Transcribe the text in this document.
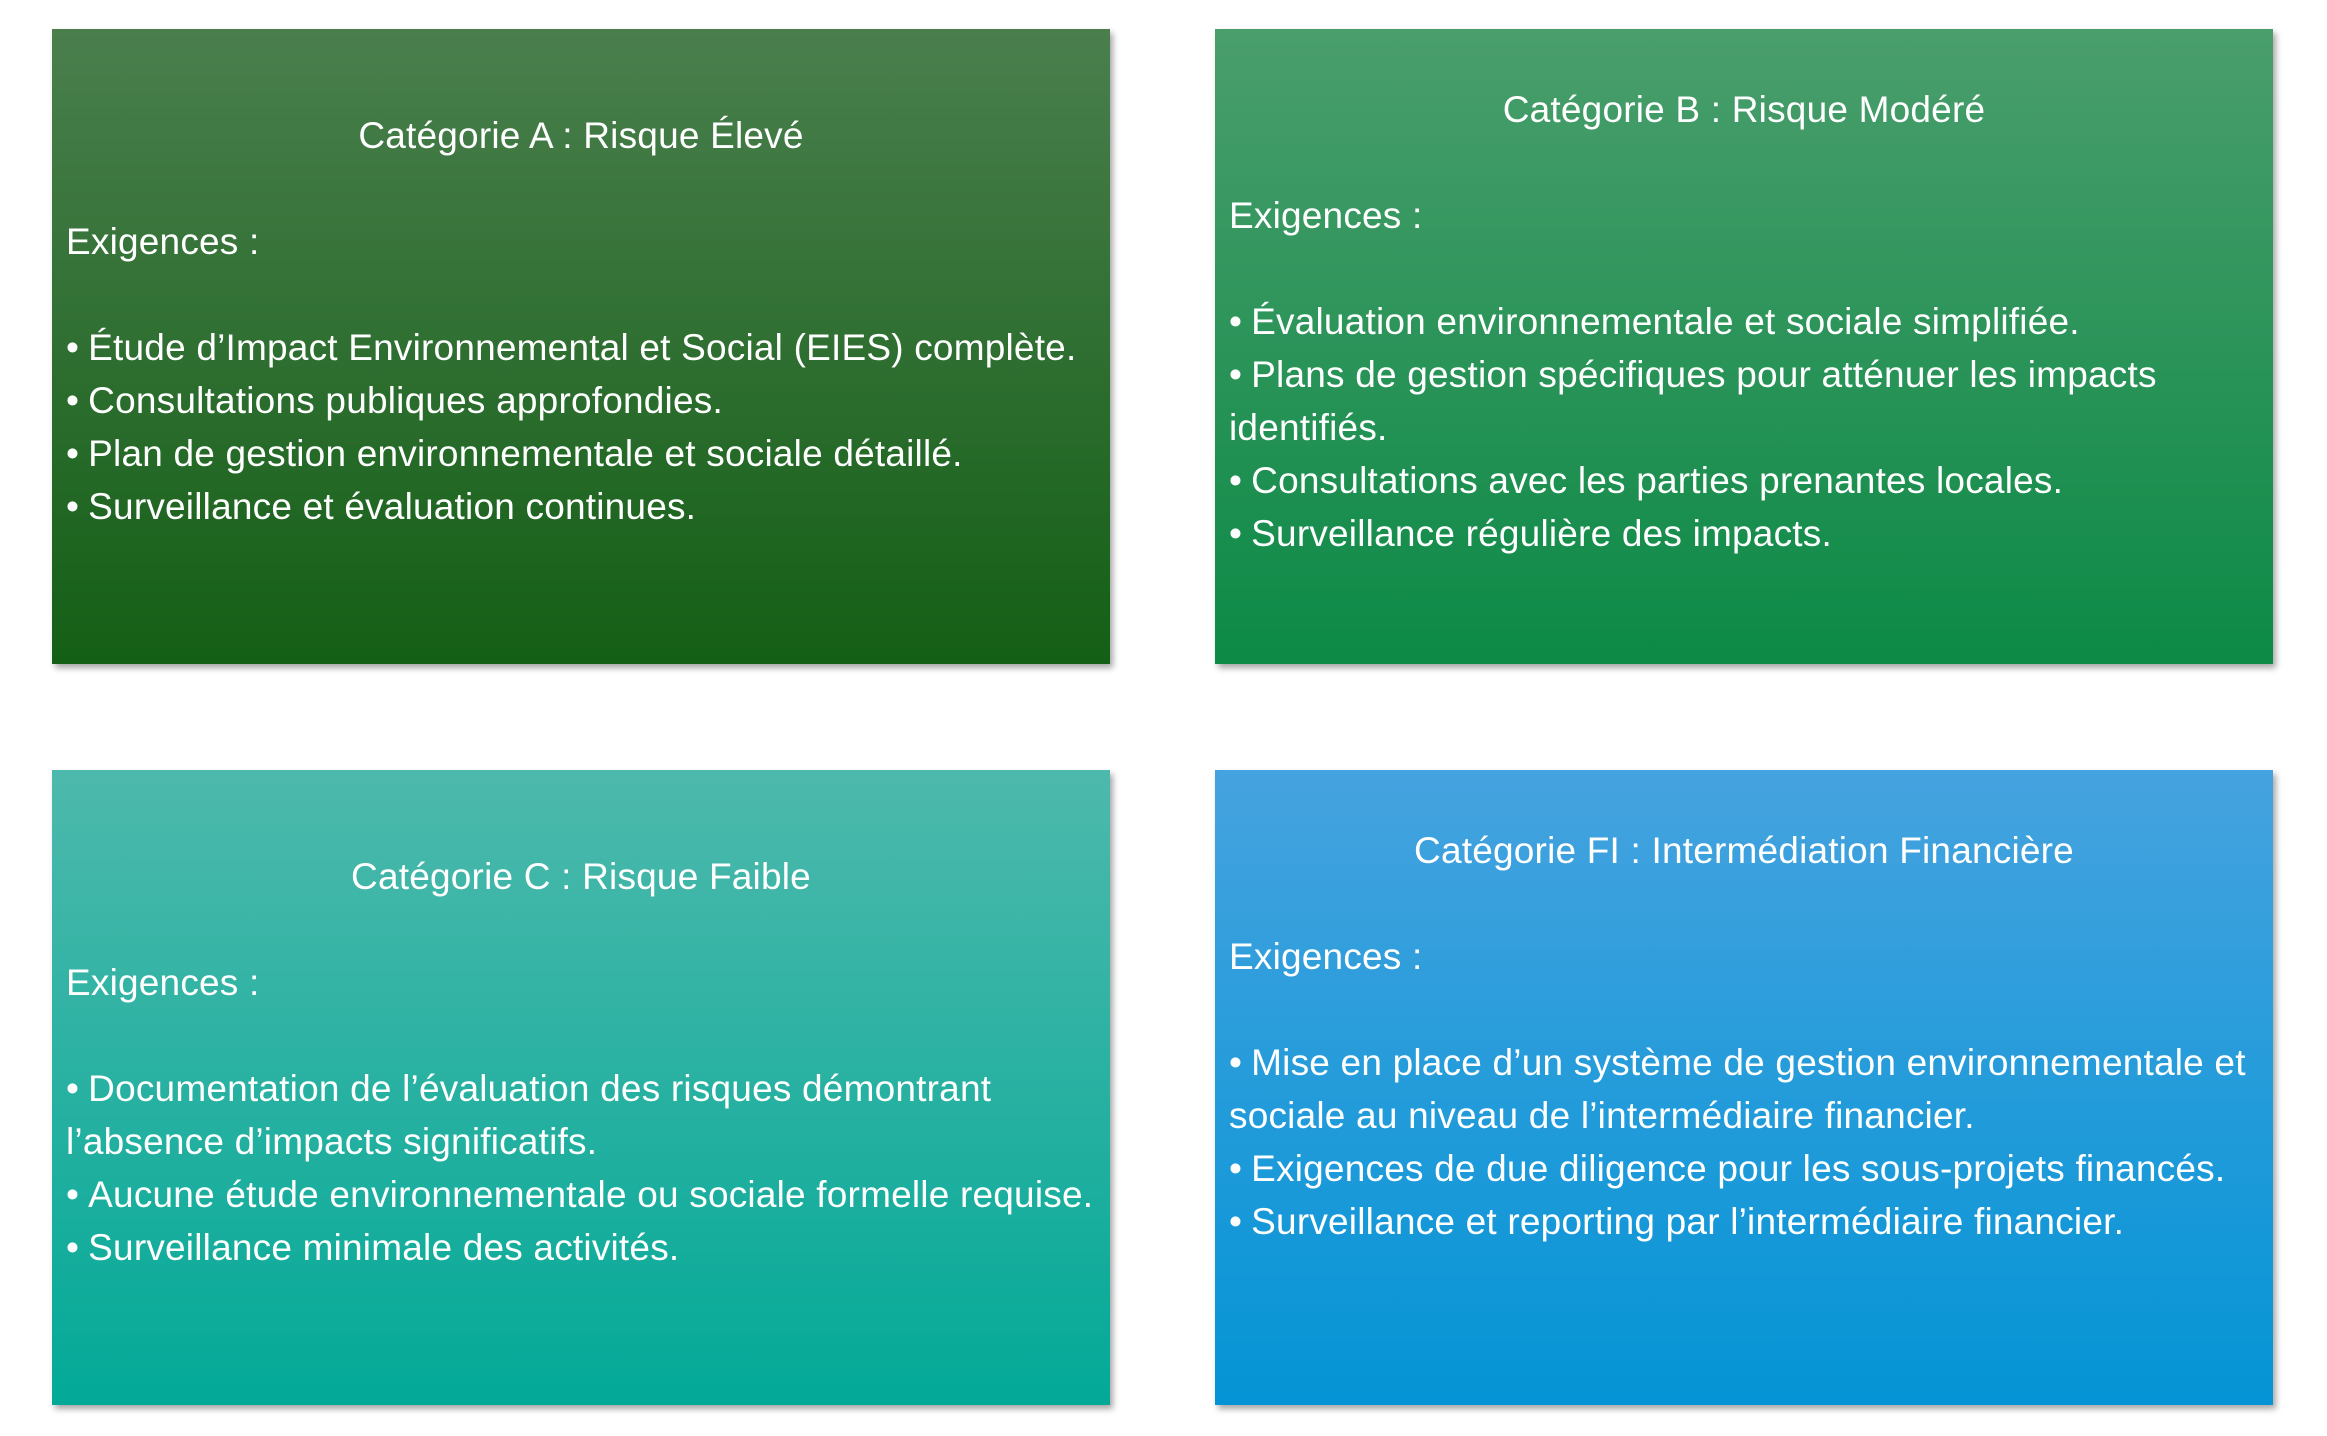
Catégorie A : Risque Élevé
Exigences :
• Étude d’Impact Environnemental et Social (EIES) complète.
• Consultations publiques approfondies.
• Plan de gestion environnementale et sociale détaillé.
• Surveillance et évaluation continues.
Catégorie B : Risque Modéré
Exigences :
• Évaluation environnementale et sociale simplifiée.
• Plans de gestion spécifiques pour atténuer les impacts identifiés.
• Consultations avec les parties prenantes locales.
• Surveillance régulière des impacts.
Catégorie C : Risque Faible
Exigences :
• Documentation de l’évaluation des risques démontrant l’absence d’impacts significatifs.
• Aucune étude environnementale ou sociale formelle requise.
• Surveillance minimale des activités.
Catégorie FI : Intermédiation Financière
Exigences :
• Mise en place d’un système de gestion environnementale et sociale au niveau de l’intermédiaire financier.
• Exigences de due diligence pour les sous-projets financés.
• Surveillance et reporting par l’intermédiaire financier.
